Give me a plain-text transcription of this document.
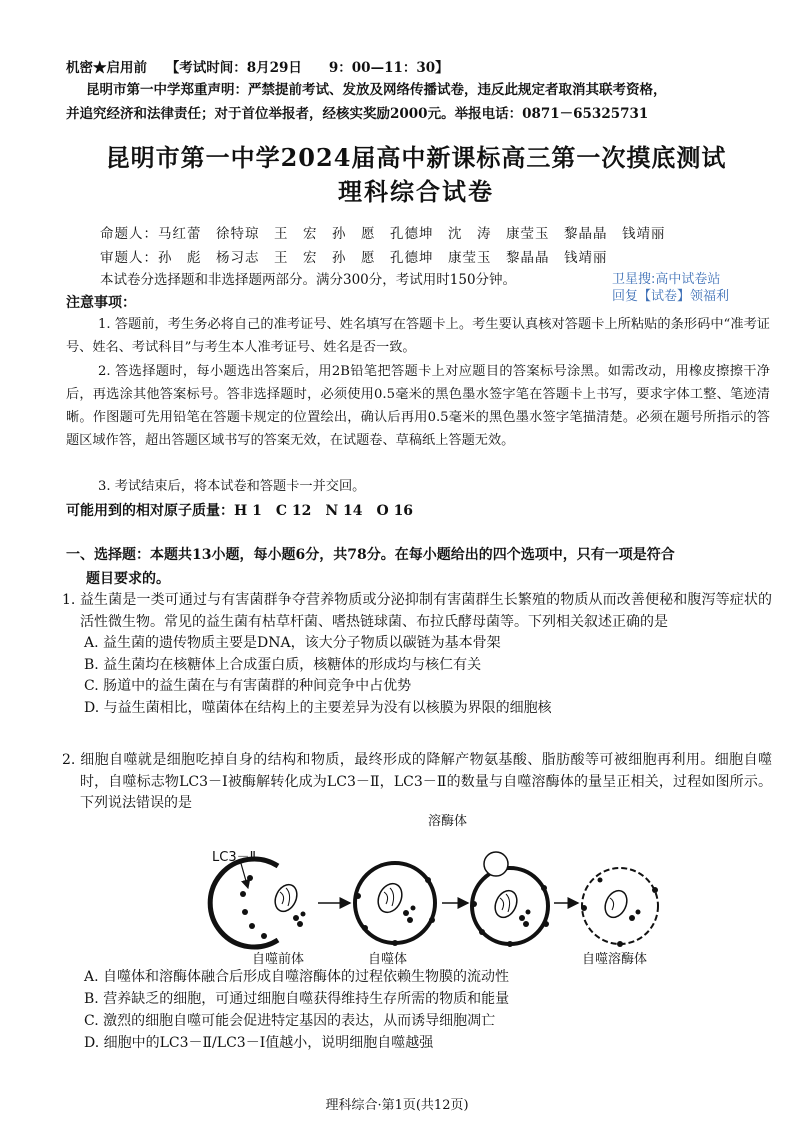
机密★启用前 【考试时间：8月29日　　9：00—11：30】
昆明市第一中学郑重声明：严禁提前考试、发放及网络传播试卷，违反此规定者取消其联考资格，
并追究经济和法律责任；对于首位举报者，经核实奖励2000元。举报电话：0871－65325731
昆明市第一中学2024届高中新课标高三第一次摸底测试
理科综合试卷
命题人：马红蕾　徐特琼　王　宏　孙　愿　孔德坤　沈　涛　康莹玉　黎晶晶　钱靖丽
审题人：孙　彪　杨习志　王　宏　孙　愿　孔德坤　康莹玉　黎晶晶　钱靖丽
本试卷分选择题和非选择题两部分。满分300分，考试用时150分钟。	卫星搜:高中试卷站
回复【试卷】领福利
注意事项：
1. 答题前，考生务必将自己的准考证号、姓名填写在答题卡上。考生要认真核对答题卡上所粘贴的条形码中“准考证号、姓名、考试科目”与考生本人准考证号、姓名是否一致。
2. 答选择题时，每小题选出答案后，用2B铅笔把答题卡上对应题目的答案标号涂黑。如需改动，用橡皮擦擦干净后，再选涂其他答案标号。答非选择题时，必须使用0.5毫米的黑色墨水签字笔在答题卡上书写，要求字体工整、笔迹清晰。作图题可先用铅笔在答题卡规定的位置绘出，确认后再用0.5毫米的黑色墨水签字笔描清楚。必须在题号所指示的答题区域作答，超出答题区域书写的答案无效，在试题卷、草稿纸上答题无效。
3. 考试结束后，将本试卷和答题卡一并交回。
可能用到的相对原子质量：H 1　C 12　N 14　O 16
一、选择题：本题共13小题，每小题6分，共78分。在每小题给出的四个选项中，只有一项是符合
题目要求的。
1. 益生菌是一类可通过与有害菌群争夺营养物质或分泌抑制有害菌群生长繁殖的物质从而改善便秘和腹泻等症状的活性微生物。常见的益生菌有枯草杆菌、嗜热链球菌、布拉氏酵母菌等。下列相关叙述正确的是
A. 益生菌的遗传物质主要是DNA，该大分子物质以碳链为基本骨架
B. 益生菌均在核糖体上合成蛋白质，核糖体的形成均与核仁有关
C. 肠道中的益生菌在与有害菌群的种间竞争中占优势
D. 与益生菌相比，噬菌体在结构上的主要差异为没有以核膜为界限的细胞核
2. 细胞自噬就是细胞吃掉自身的结构和物质，最终形成的降解产物氨基酸、脂肪酸等可被细胞再利用。细胞自噬时，自噬标志物LC3－Ⅰ被酶解转化成为LC3－Ⅱ，LC3－Ⅱ的数量与自噬溶酶体的量呈正相关，过程如图所示。下列说法错误的是
溶酶体
LC3－Ⅱ
自噬前体	自噬体	自噬溶酶体
A. 自噬体和溶酶体融合后形成自噬溶酶体的过程依赖生物膜的流动性
B. 营养缺乏的细胞，可通过细胞自噬获得维持生存所需的物质和能量
C. 激烈的细胞自噬可能会促进特定基因的表达，从而诱导细胞凋亡
D. 细胞中的LC3－Ⅱ/LC3－Ⅰ值越小，说明细胞自噬越强
理科综合·第1页(共12页)
